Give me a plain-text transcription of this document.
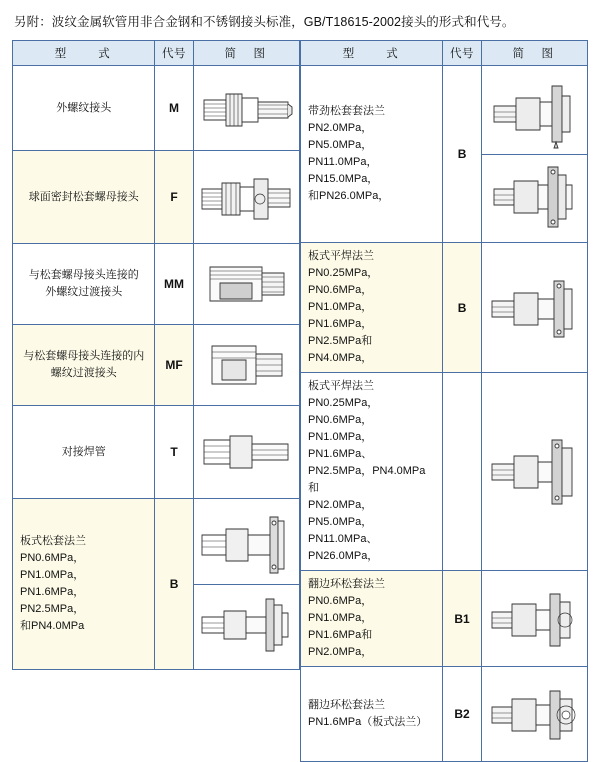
另附：波纹金属软管用非合金钢和不锈钢接头标准，GB/T18615-2002接头的形式和代号。
型　　式	代号	简　图
外螺纹接头	M	

球面密封松套螺母接头	F	

与松套螺母接头连接的
外螺纹过渡接头	MM	

与松套螺母接头连接的内
螺纹过渡接头	MF	

对接焊管	T	

板式松套法兰
PN0.6MPa，PN1.0MPa，
PN1.6MPa，PN2.5MPa，
和PN4.0MPa	B	
型　　式	代号	简　图

带劲松套套法兰
PN2.0MPa，PN5.0MPa，
PN11.0MPa，PN15.0MPa，
和PN26.0MPa，	B	

板式平焊法兰
PN0.25MPa，PN0.6MPa，
PN1.0MPa，PN1.6MPa，
PN2.5MPa和PN4.0MPa，	B	

板式平焊法兰
PN0.25MPa，PN0.6MPa，
PN1.0MPa，PN1.6MPa、
PN2.5MPa，PN4.0MPa 和
PN2.0MPa，PN5.0MPa，
PN11.0MPa、PN26.0MPa，

翻边环松套法兰
PN0.6MPa，PN1.0MPa，
PN1.6MPa和PN2.0MPa，	B1	

翻边环松套法兰
PN1.6MPa（板式法兰）	B2	
